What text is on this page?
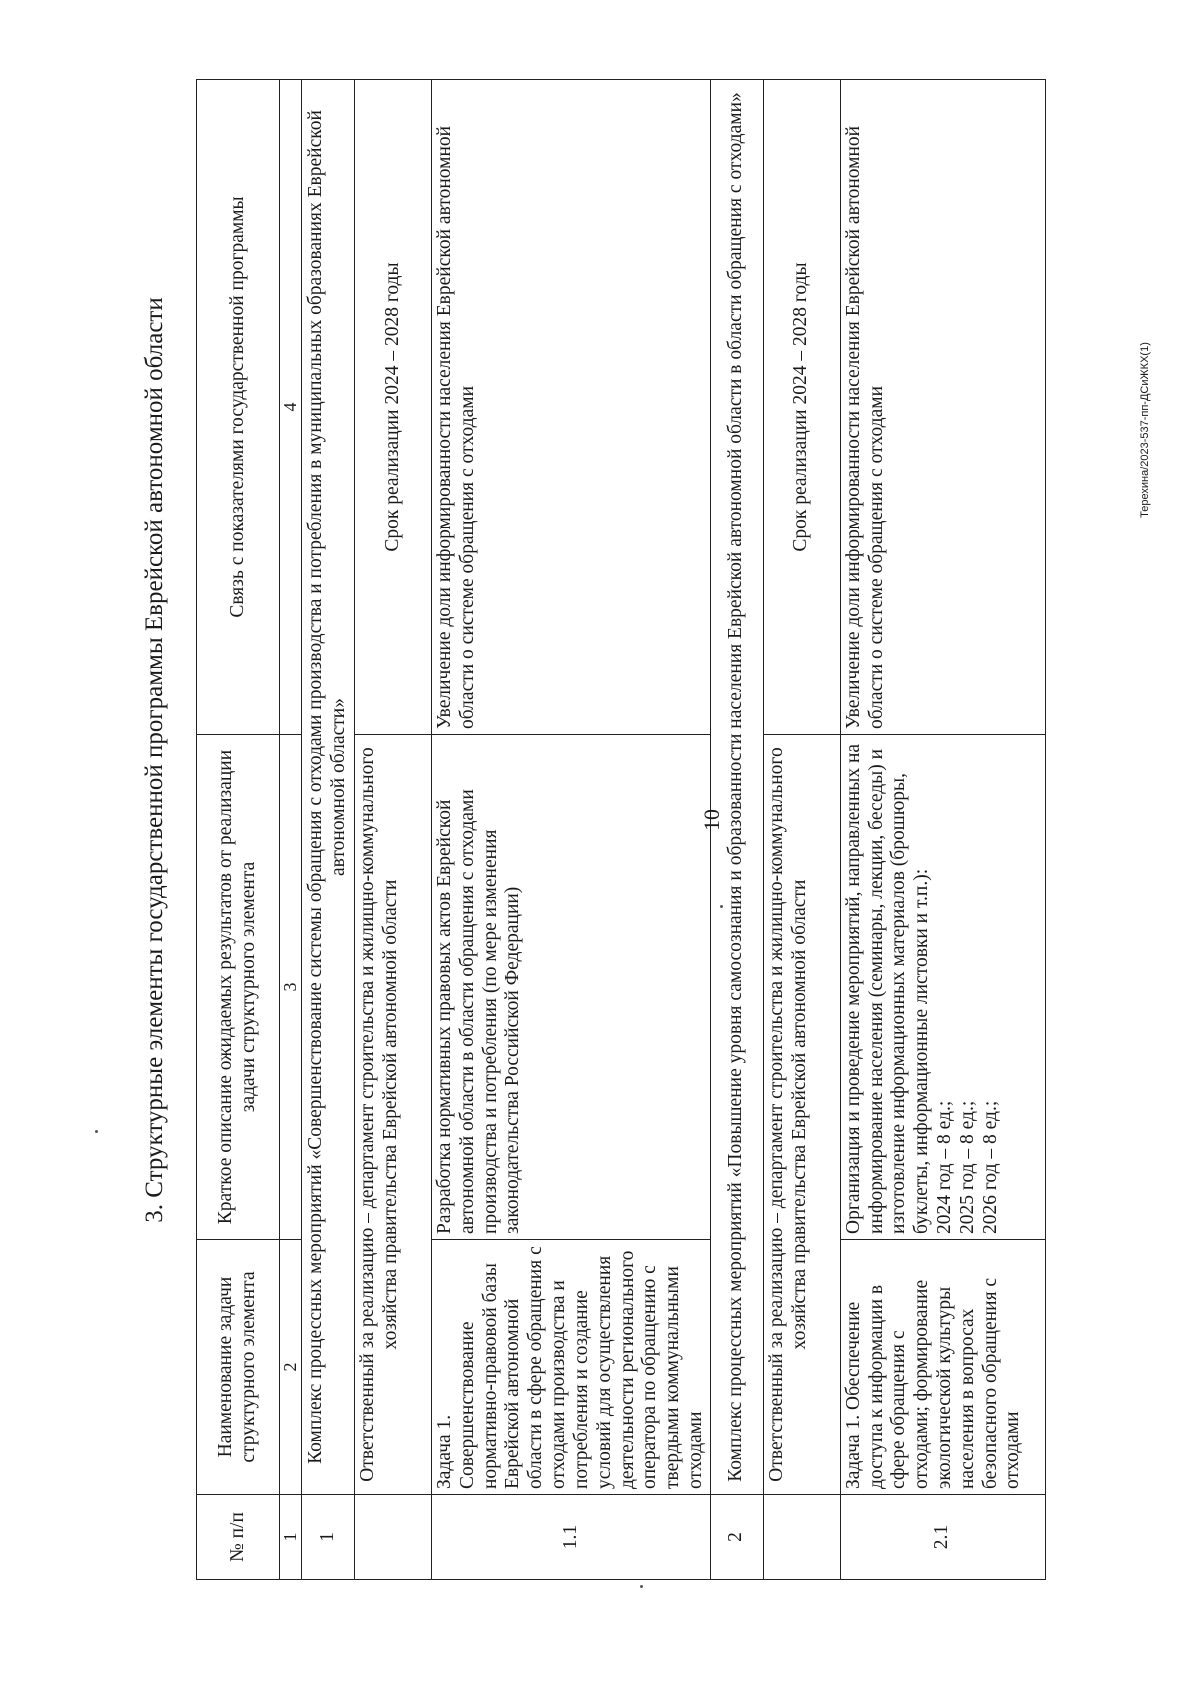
10
3. Структурные элементы государственной программы Еврейской автономной области	Терехина/2023-537-пп-ДСиЖКХ(1)
№ п/п	Наименование задачи структурного элемента	Краткое описание ожидаемых результатов от реализации задачи структурного элемента	Связь с показателями государственной программы
1	2	3	4
1	Комплекс процессных мероприятий «Совершенствование системы обращения с отходами производства и потребления в муниципальных образованиях Еврейской автономной области»		
	Ответственный за реализацию – департамент строительства и жилищно-коммунального хозяйства правительства Еврейской автономной области		Срок реализации 2024 – 2028 годы
1.1	Задача 1. Совершенствование нормативно-правовой базы Еврейской автономной области в сфере обращения с отходами производства и потребления и создание условий для осуществления деятельности регионального оператора по обращению с твердыми коммунальными отходами	Разработка нормативных правовых актов Еврейской автономной области в области обращения с отходами производства и потребления (по мере изменения законодательства Российской Федерации)	Увеличение доли информированности населения Еврейской автономной области о системе обращения с отходами
2	Комплекс процессных мероприятий «Повышение уровня самосознания и образованности населения Еврейской автономной области в области обращения с отходами»		
	Ответственный за реализацию – департамент строительства и жилищно-коммунального хозяйства правительства Еврейской автономной области		Срок реализации 2024 – 2028 годы
2.1	Задача 1. Обеспечение доступа к информации в сфере обращения с отходами; формирование экологической культуры населения в вопросах безопасного обращения с отходами	Организация и проведение мероприятий, направленных на информирование населения (семинары, лекции, беседы) и изготовление информационных материалов (брошюры, буклеты, информационные листовки и т.п.): 2024 год – 8 ед.; 2025 год – 8 ед.; 2026 год – 8 ед.;	Увеличение доли информированности населения Еврейской автономной области о системе обращения с отходами
